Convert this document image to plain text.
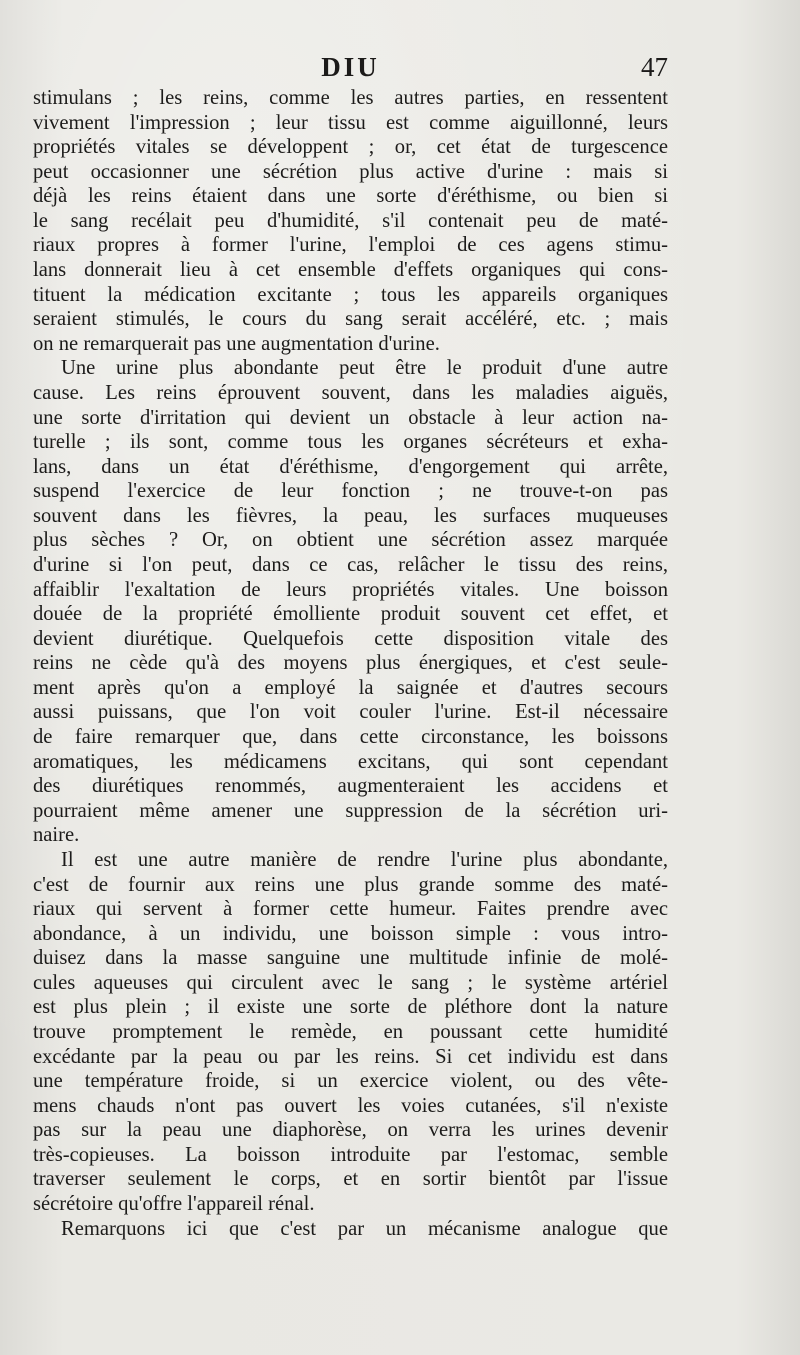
DIU	47
stimulans ; les reins, comme les autres parties, en ressentent
vivement l'impression ; leur tissu est comme aiguillonné, leurs
propriétés vitales se développent ; or, cet état de turgescence
peut occasionner une sécrétion plus active d'urine : mais si
déjà les reins étaient dans une sorte d'éréthisme, ou bien si
le sang recélait peu d'humidité, s'il contenait peu de maté-
riaux propres à former l'urine, l'emploi de ces agens stimu-
lans donnerait lieu à cet ensemble d'effets organiques qui cons-
tituent la médication excitante ; tous les appareils organiques
seraient stimulés, le cours du sang serait accéléré, etc. ; mais
on ne remarquerait pas une augmentation d'urine.
Une urine plus abondante peut être le produit d'une autre
cause. Les reins éprouvent souvent, dans les maladies aiguës,
une sorte d'irritation qui devient un obstacle à leur action na-
turelle ; ils sont, comme tous les organes sécréteurs et exha-
lans, dans un état d'éréthisme, d'engorgement qui arrête,
suspend l'exercice de leur fonction ; ne trouve-t-on pas
souvent dans les fièvres, la peau, les surfaces muqueuses
plus sèches ? Or, on obtient une sécrétion assez marquée
d'urine si l'on peut, dans ce cas, relâcher le tissu des reins,
affaiblir l'exaltation de leurs propriétés vitales. Une boisson
douée de la propriété émolliente produit souvent cet effet, et
devient diurétique. Quelquefois cette disposition vitale des
reins ne cède qu'à des moyens plus énergiques, et c'est seule-
ment après qu'on a employé la saignée et d'autres secours
aussi puissans, que l'on voit couler l'urine. Est-il nécessaire
de faire remarquer que, dans cette circonstance, les boissons
aromatiques, les médicamens excitans, qui sont cependant
des diurétiques renommés, augmenteraient les accidens et
pourraient même amener une suppression de la sécrétion uri-
naire.
Il est une autre manière de rendre l'urine plus abondante,
c'est de fournir aux reins une plus grande somme des maté-
riaux qui servent à former cette humeur. Faites prendre avec
abondance, à un individu, une boisson simple : vous intro-
duisez dans la masse sanguine une multitude infinie de molé-
cules aqueuses qui circulent avec le sang ; le système artériel
est plus plein ; il existe une sorte de pléthore dont la nature
trouve promptement le remède, en poussant cette humidité
excédante par la peau ou par les reins. Si cet individu est dans
une température froide, si un exercice violent, ou des vête-
mens chauds n'ont pas ouvert les voies cutanées, s'il n'existe
pas sur la peau une diaphorèse, on verra les urines devenir
très-copieuses. La boisson introduite par l'estomac, semble
traverser seulement le corps, et en sortir bientôt par l'issue
sécrétoire qu'offre l'appareil rénal.
Remarquons ici que c'est par un mécanisme analogue que
